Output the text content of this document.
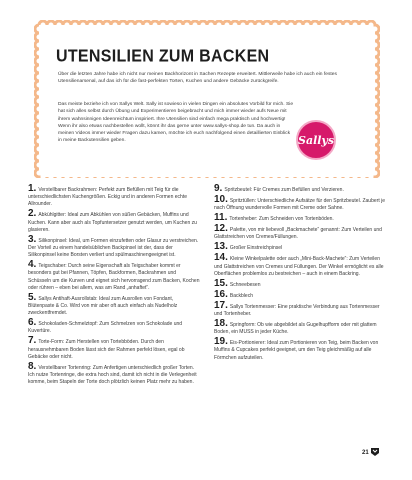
UTENSILIEN ZUM BACKEN

Über die letzten Jahre habe ich nicht nur meinen Backhorizont in Sachen Rezepte erweitert. Mittlerweile habe ich auch ein festes Utensilienarsenal, auf das ich für die fast-perfekten Torten, Kuchen und andere Gebäcke zurückgreife.

Das meiste beziehe ich von Sallys Welt. Sally ist sowieso in vielen Dingen ein absolutes Vorbild für mich. Sie hat sich alles selbst durch Übung und Experimentieren beigebracht und mich immer wieder aufs Neue mit ihrem wahnsinnigen Ideenreichtum inspiriert. Ihre Utensilien sind einfach mega praktisch und hochwertig! Wenn ihr also etwas nachbestellen wollt, könnt ihr das gerne unter www.sallys-shop.de tun. Da auch in meinen Videos immer wieder Fragen dazu kamen, möchte ich euch nachfolgend einen detaillierten Einblick in meine Backutensilien geben.	Sallys

1. Verstellbarer Backrahmen: Perfekt zum Befüllen mit Teig für die unterschiedlichsten Kuchengrößen. Eckig und in anderen Formen echte Allrounder.

2. Abkühlgitter: Ideal zum Abkühlen von süßen Gebäcken, Muffins und Kuchen. Kann aber auch als Topfuntersetzer genutzt werden, um Kuchen zu glasieren.

3. Silikonpinsel: Ideal, um Formen einzufetten oder Glasur zu verstreichen. Der Vorteil zu einem handelsüblichen Backpinsel ist der, dass der Silikonpinsel keine Borsten verliert und spülmaschinengeeignet ist.

4. Teigschaber: Durch seine Eigenschaft als Teigschaber kommt er besonders gut bei Pfannen, Töpfen, Backformen, Backrahmen und Schüsseln um die Kurven und eignet sich hervorragend zum Backen, Kochen oder rühren – eben bei allem, was am Rand „anhaftet“.

5. Sallys Antihaft-Ausrollstab: Ideal zum Ausrollen von Fondant, Blütenpaste & Co. Wird von mir aber oft auch einfach als Nudelholz zweckentfremdet.

6. Schokoladen-Schmelztopf: Zum Schmelzen von Schokolade und Kuvertüre.

7. Torte-Form: Zum Herstellen von Tortebböden. Durch den herausnehmbaren Boden lässt sich der Rahmen perfekt lösen, egal ob Gebäcke oder nicht.

8. Verstellbarer Tortenring: Zum Anfertigen unterschiedlich großer Torten. Ich nutze Tortenringe, die extra hoch sind, damit ich nicht in die Verlegenheit komme, beim Stapeln der Torte doch plötzlich keinen Platz mehr zu haben.

9. Spritzbeutel: Für Cremes zum Befüllen und Verzieren.

10. Spritztüllen: Unterschiedliche Aufsätze für den Spritzbeutel. Zaubert je nach Öffnung wundervolle Formen mit Creme oder Sahne.

11. Tortenheber: Zum Schneiden von Tortenböden.

12. Palette, von mir liebevoll „Backmachete“ genannt: Zum Verteilen und Glattstreichen von Cremes/Füllungen.

13. Großer Einstreichpinsel

14. Kleine Winkelpalette oder auch „Mini-Back-Machete“: Zum Verteilen und Glattstreichen von Cremes und Füllungen. Der Winkel ermöglicht es alle Oberflächen problemlos zu bestreichen – auch in einem Backring.

15. Schneebesen

16. Backblech

17. Sallys Tortenmesser: Eine praktische Verbindung aus Tortenmesser und Tortenheber.

18. Springform: Ob wie abgebildet als Gugelhupfform oder mit glattem Boden, ein MUSS in jeder Küche.

19. Eis-Portionierer: Ideal zum Portionieren von Teig, beim Backen von Muffins & Cupcakes perfekt geeignet, um den Teig gleichmäßig auf alle Förmchen aufzuteilen.

21
